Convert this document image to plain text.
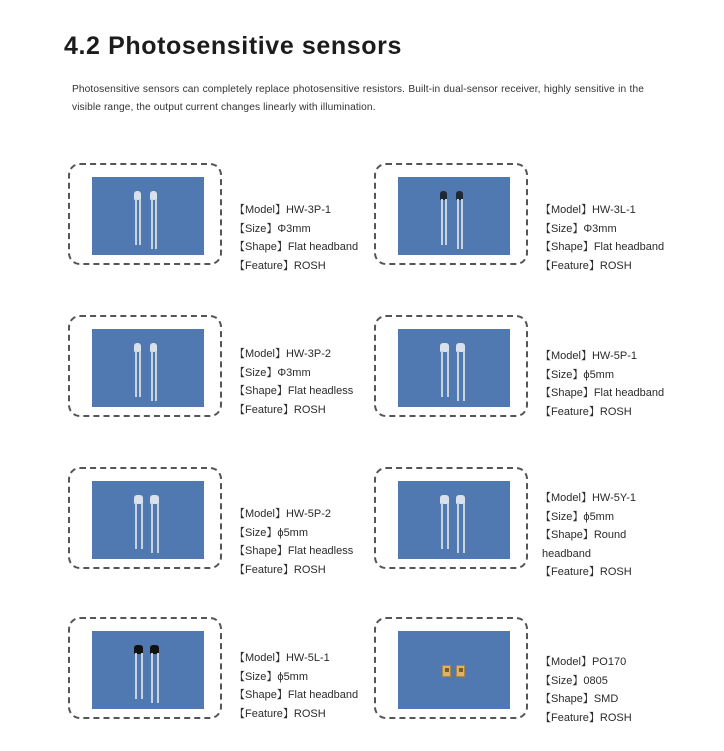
4.2 Photosensitive sensors

Photosensitive sensors can completely replace photosensitive resistors. Built-in dual-sensor receiver, highly sensitive in the visible range, the output current changes linearly with illumination.

【Model】HW-3P-1
【Size】Φ3mm
【Shape】Flat headband
【Feature】ROSH
【Model】HW-3L-1
【Size】Φ3mm
【Shape】Flat headband
【Feature】ROSH
【Model】HW-3P-2
【Size】Φ3mm
【Shape】Flat headless
【Feature】ROSH
【Model】HW-5P-1
【Size】ϕ5mm
【Shape】Flat headband
【Feature】ROSH
【Model】HW-5P-2
【Size】ϕ5mm
【Shape】Flat headless
【Feature】ROSH
【Model】HW-5Y-1
【Size】ϕ5mm
【Shape】Round
headband
【Feature】ROSH
【Model】HW-5L-1
【Size】ϕ5mm
【Shape】Flat headband
【Feature】ROSH
【Model】PO170
【Size】0805
【Shape】SMD
【Feature】ROSH
